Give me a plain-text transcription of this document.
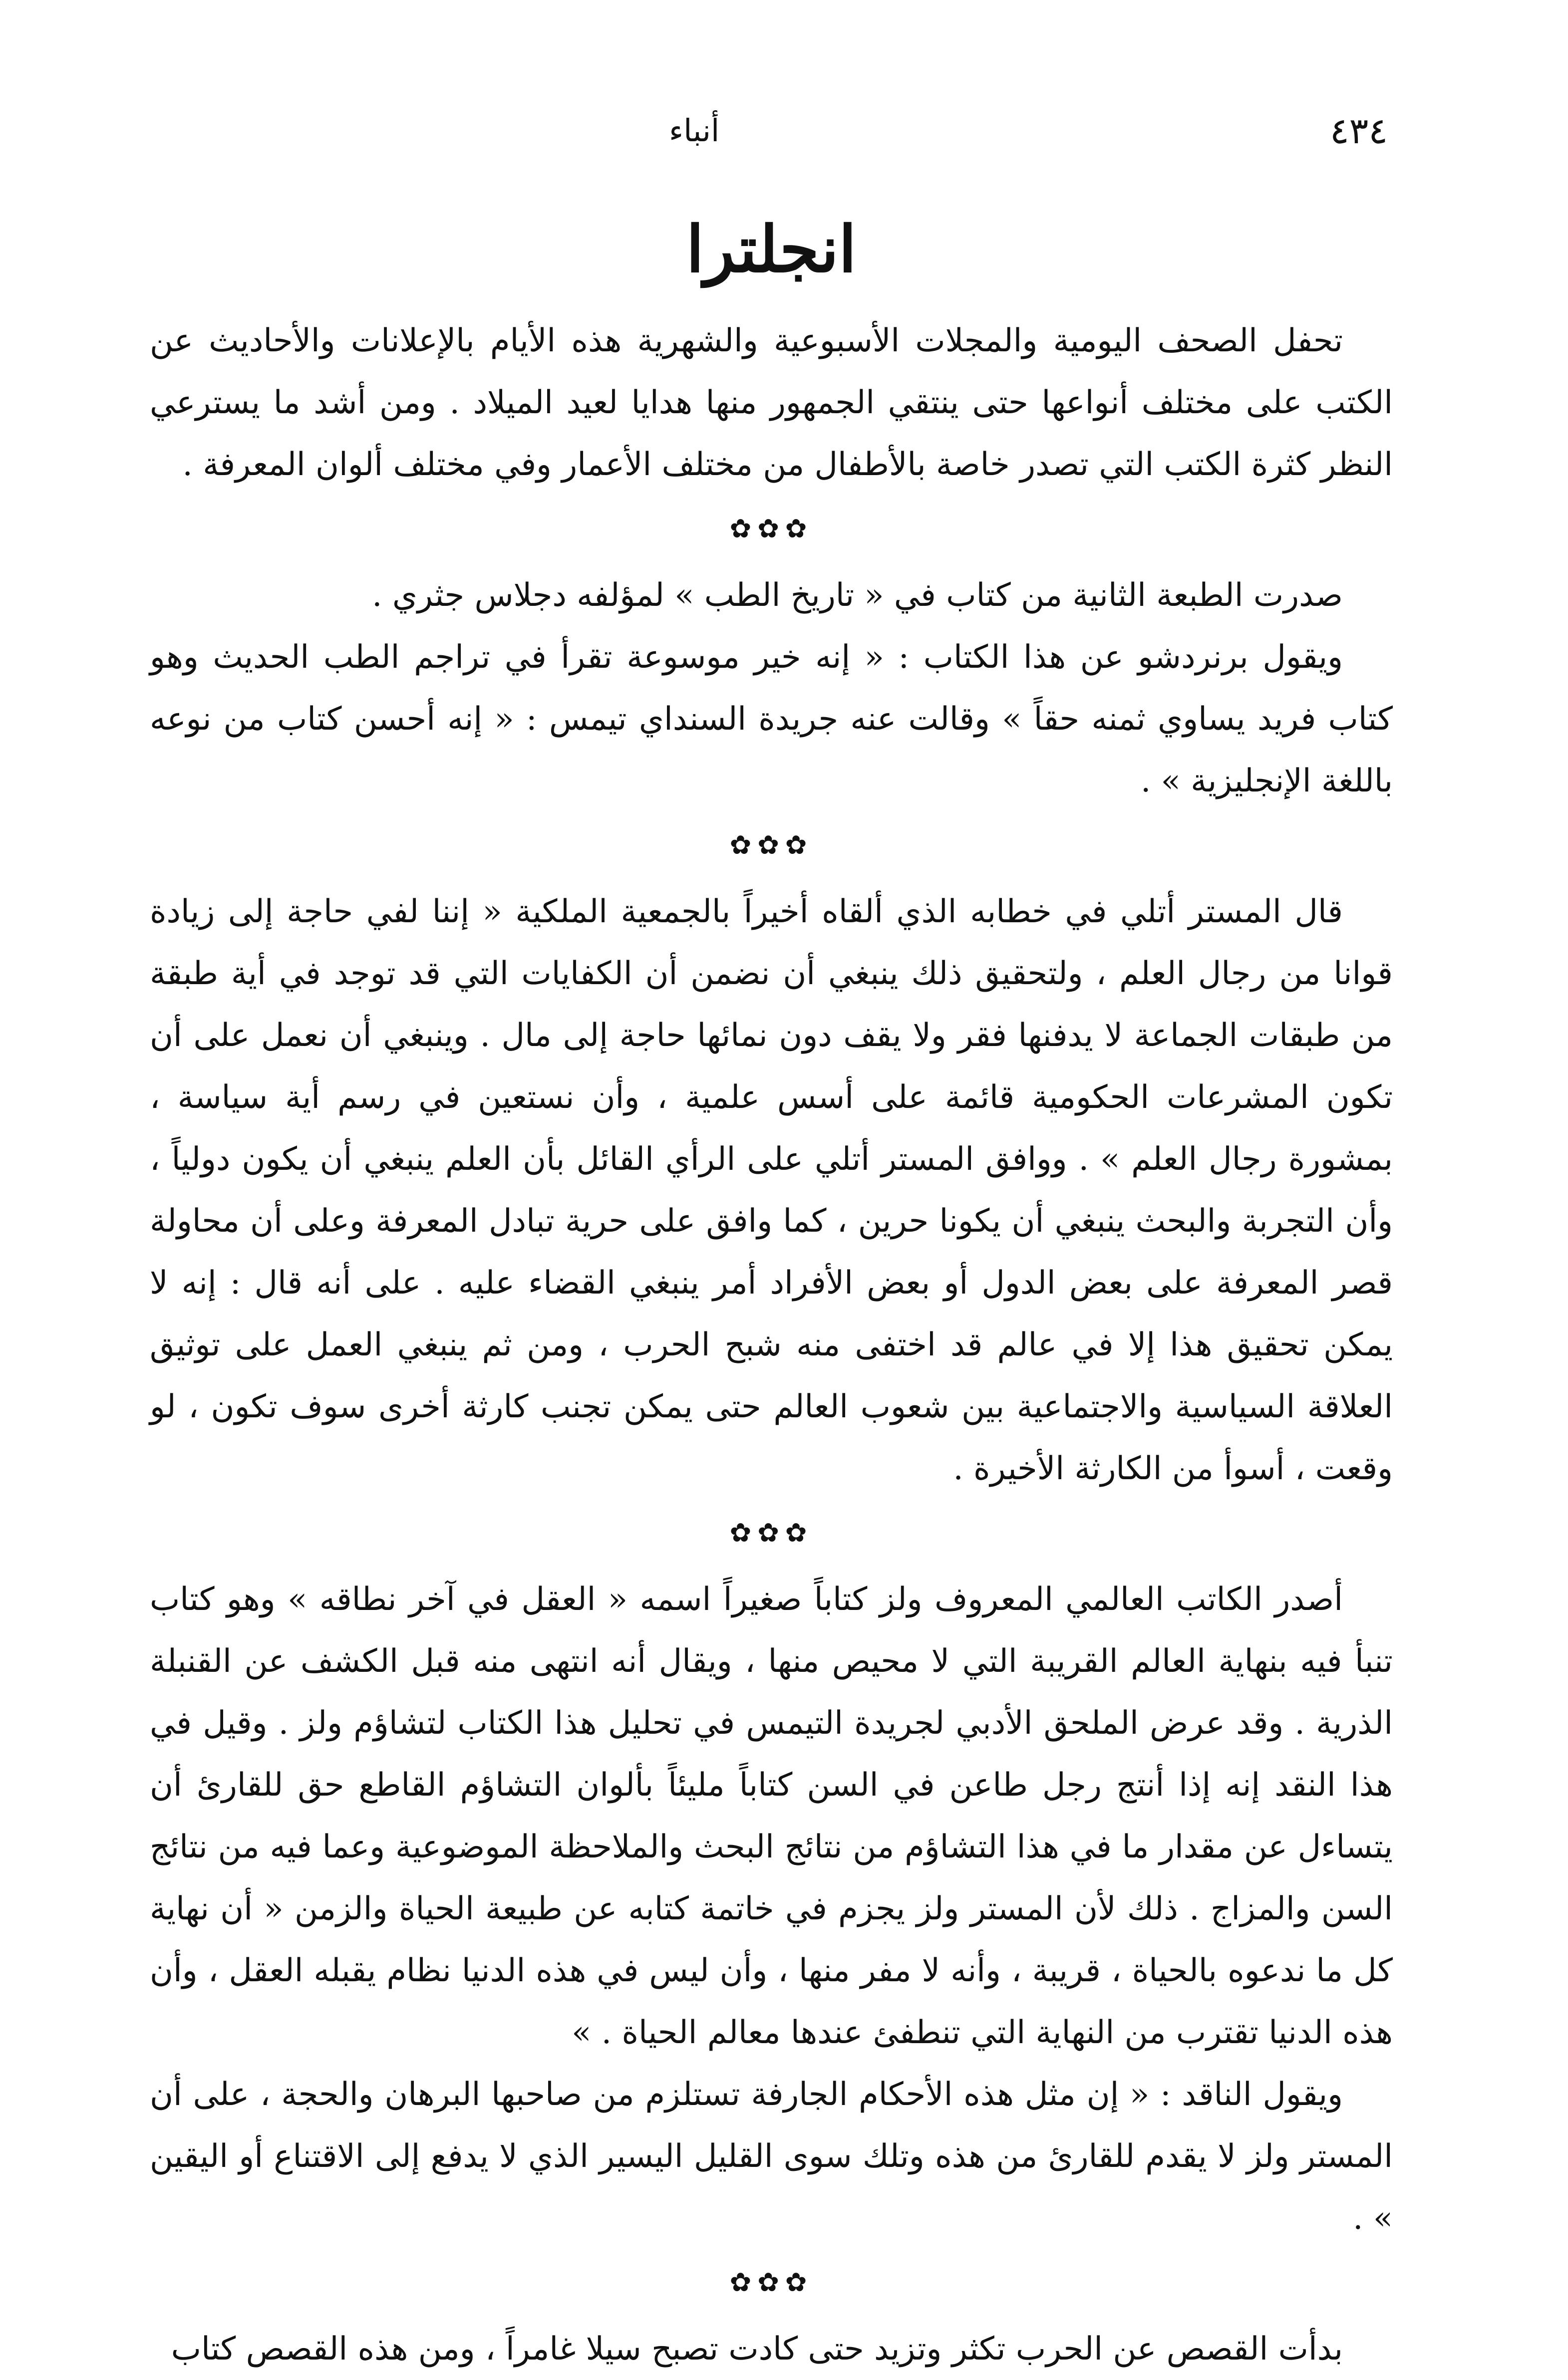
٤٣٤
أنباء
انجلترا

تحفل الصحف اليومية والمجلات الأسبوعية والشهرية هذه الأيام بالإعلانات والأحاديث عن الكتب على مختلف أنواعها حتى ينتقي الجمهور منها هدايا لعيد الميلاد . ومن أشد ما يسترعي النظر كثرة الكتب التي تصدر خاصة بالأطفال من مختلف الأعمار وفي مختلف ألوان المعرفة .

✿✿✿

صدرت الطبعة الثانية من كتاب في « تاريخ الطب » لمؤلفه دجلاس جثري .

ويقول برنردشو عن هذا الكتاب : « إنه خير موسوعة تقرأ في تراجم الطب الحديث وهو كتاب فريد يساوي ثمنه حقاً » وقالت عنه جريدة السنداي تيمس : « إنه أحسن كتاب من نوعه باللغة الإنجليزية » .

✿✿✿

قال المستر أتلي في خطابه الذي ألقاه أخيراً بالجمعية الملكية « إننا لفي حاجة إلى زيادة قوانا من رجال العلم ، ولتحقيق ذلك ينبغي أن نضمن أن الكفايات التي قد توجد في أية طبقة من طبقات الجماعة لا يدفنها فقر ولا يقف دون نمائها حاجة إلى مال . وينبغي أن نعمل على أن تكون المشرعات الحكومية قائمة على أسس علمية ، وأن نستعين في رسم أية سياسة ، بمشورة رجال العلم » . ووافق المستر أتلي على الرأي القائل بأن العلم ينبغي أن يكون دولياً ، وأن التجربة والبحث ينبغي أن يكونا حرين ، كما وافق على حرية تبادل المعرفة وعلى أن محاولة قصر المعرفة على بعض الدول أو بعض الأفراد أمر ينبغي القضاء عليه . على أنه قال : إنه لا يمكن تحقيق هذا إلا في عالم قد اختفى منه شبح الحرب ، ومن ثم ينبغي العمل على توثيق العلاقة السياسية والاجتماعية بين شعوب العالم حتى يمكن تجنب كارثة أخرى سوف تكون ، لو وقعت ، أسوأ من الكارثة الأخيرة .

✿✿✿

أصدر الكاتب العالمي المعروف ولز كتاباً صغيراً اسمه « العقل في آخر نطاقه » وهو كتاب تنبأ فيه بنهاية العالم القريبة التي لا محيص منها ، ويقال أنه انتهى منه قبل الكشف عن القنبلة الذرية . وقد عرض الملحق الأدبي لجريدة التيمس في تحليل هذا الكتاب لتشاؤم ولز . وقيل في هذا النقد إنه إذا أنتج رجل طاعن في السن كتاباً مليئاً بألوان التشاؤم القاطع حق للقارئ أن يتساءل عن مقدار ما في هذا التشاؤم من نتائج البحث والملاحظة الموضوعية وعما فيه من نتائج السن والمزاج . ذلك لأن المستر ولز يجزم في خاتمة كتابه عن طبيعة الحياة والزمن « أن نهاية كل ما ندعوه بالحياة ، قريبة ، وأنه لا مفر منها ، وأن ليس في هذه الدنيا نظام يقبله العقل ، وأن هذه الدنيا تقترب من النهاية التي تنطفئ عندها معالم الحياة . »

ويقول الناقد : « إن مثل هذه الأحكام الجارفة تستلزم من صاحبها البرهان والحجة ، على أن المستر ولز لا يقدم للقارئ من هذه وتلك سوى القليل اليسير الذي لا يدفع إلى الاقتناع أو اليقين » .

✿✿✿

بدأت القصص عن الحرب تكثر وتزيد حتى كادت تصبح سيلا غامراً ، ومن هذه القصص كتاب
